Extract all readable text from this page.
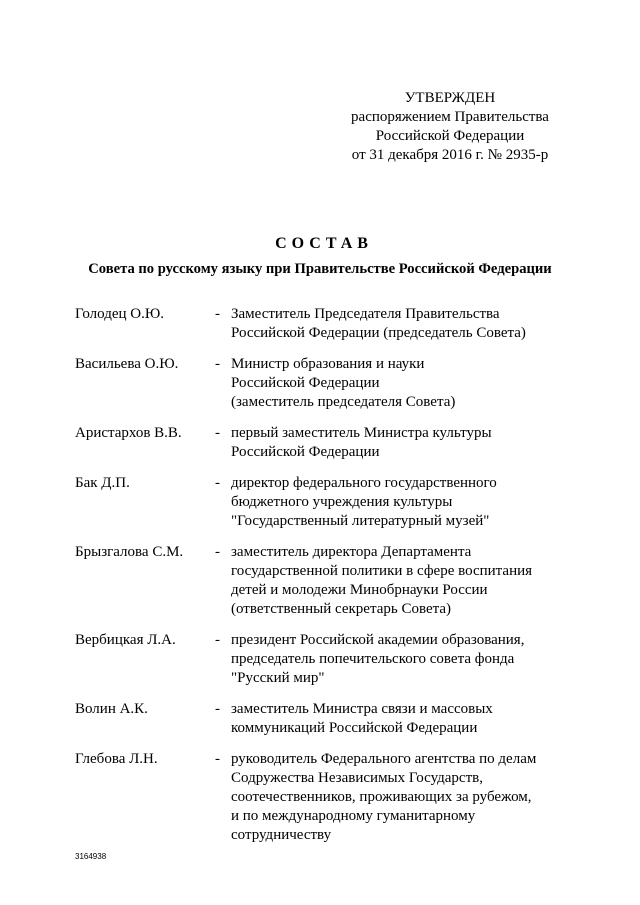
УТВЕРЖДЕН
распоряжением Правительства
Российской Федерации
от 31 декабря 2016 г. № 2935-р
СОСТАВ
Совета по русскому языку при Правительстве Российской Федерации
Голодец О.Ю.	- Заместитель Председателя Правительства
Российской Федерации (председатель Совета)
Васильева О.Ю. - Министр образования и науки
Российской Федерации
(заместитель председателя Совета)
Аристархов В.В. - первый заместитель Министра культуры
Российской Федерации
Бак Д.П.	- директор федерального государственного
бюджетного учреждения культуры
"Государственный литературный музей"
Брызгалова С.М. - заместитель директора Департамента
государственной политики в сфере воспитания
детей и молодежи Минобрнауки России
(ответственный секретарь Совета)
Вербицкая Л.А.	- президент Российской академии образования,
председатель попечительского совета фонда
"Русский мир"
Волин А.К.	- заместитель Министра связи и массовых
коммуникаций Российской Федерации
Глебова Л.Н.	- руководитель Федерального агентства по делам
Содружества Независимых Государств,
соотечественников, проживающих за рубежом,
и по международному гуманитарному
сотрудничеству
3164938
